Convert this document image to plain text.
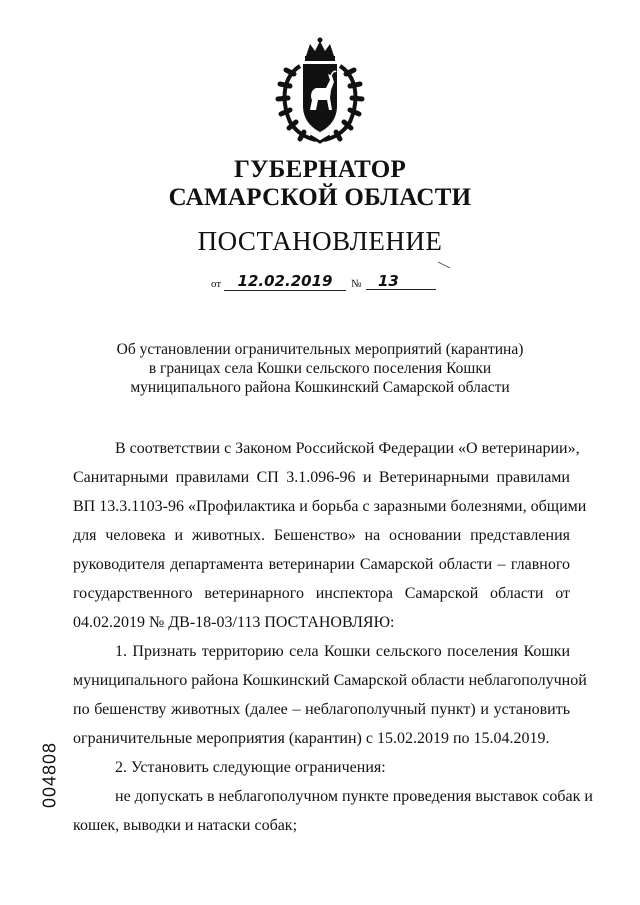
ГУБЕРНАТОР
САМАРСКОЙ ОБЛАСТИ
ПОСТАНОВЛЕНИЕ
от	12.02.2019	№	13
Об установлении ограничительных мероприятий (карантина)
в границах села Кошки сельского поселения Кошки
муниципального района Кошкинский Самарской области
В соответствии с Законом Российской Федерации «О ветеринарии»,
Санитарными правилами СП 3.1.096-96 и Ветеринарными правилами
ВП 13.3.1103-96 «Профилактика и борьба с заразными болезнями, общими
для человека и животных. Бешенство» на основании представления
руководителя департамента ветеринарии Самарской области – главного
государственного ветеринарного инспектора Самарской области от
04.02.2019 № ДВ-18-03/113 ПОСТАНОВЛЯЮ:
1. Признать территорию села Кошки сельского поселения Кошки
муниципального района Кошкинский Самарской области неблагополучной
по бешенству животных (далее – неблагополучный пункт) и установить
ограничительные мероприятия (карантин) с 15.02.2019 по 15.04.2019.
2. Установить следующие ограничения:
не допускать в неблагополучном пункте проведения выставок собак и
кошек, выводки и натаски собак;
004808
